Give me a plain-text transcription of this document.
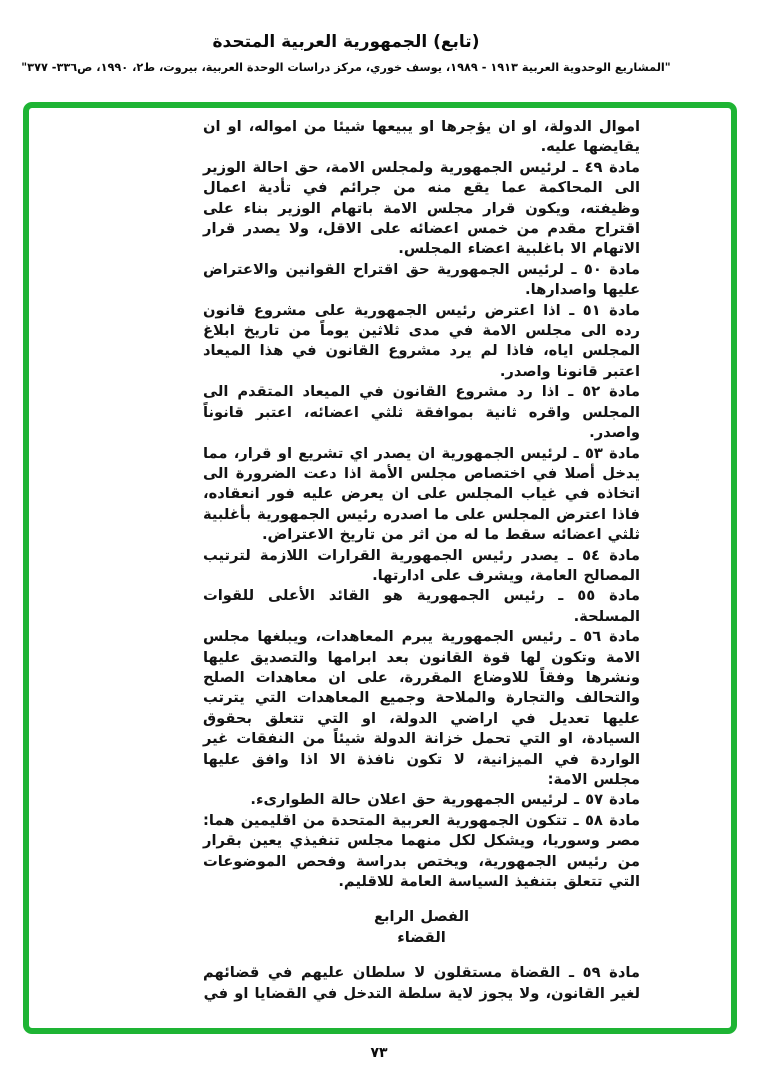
(تابع) الجمهورية العربية المتحدة
"المشاريع الوحدوية العربية ١٩١٣ - ١٩٨٩، يوسف خوري، مركز دراسات الوحدة العربية، بيروت، ط٢، ١٩٩٠، ص٣٣٦- ٣٧٧"

اموال الدولة، او ان يؤجرها او يبيعها شيئا من امواله، او ان يقايضها عليه.

مادة ٤٩ ـ لرئيس الجمهورية ولمجلس الامة، حق احالة الوزير الى المحاكمة عما يقع منه من جرائم في تأدية اعمال وظيفته، ويكون قرار مجلس الامة باتهام الوزير بناء على اقتراح مقدم من خمس اعضائه على الاقل، ولا يصدر قرار الاتهام الا باغلبية اعضاء المجلس.

مادة ٥٠ ـ لرئيس الجمهورية حق اقتراح القوانين والاعتراض عليها واصدارها.

مادة ٥١ ـ اذا اعترض رئيس الجمهورية على مشروع قانون رده الى مجلس الامة في مدى ثلاثين يوماً من تاريخ ابلاغ المجلس اياه، فاذا لم يرد مشروع القانون في هذا الميعاد اعتبر قانونا واصدر.

مادة ٥٢ ـ اذا رد مشروع القانون في الميعاد المتقدم الى المجلس واقره ثانية بموافقة ثلثي اعضائه، اعتبر قانوناً واصدر.

مادة ٥٣ ـ لرئيس الجمهورية ان يصدر اي تشريع او قرار، مما يدخل أصلا في اختصاص مجلس الأمة اذا دعت الضرورة الى اتخاذه في غياب المجلس على ان يعرض عليه فور انعقاده، فاذا اعترض المجلس على ما اصدره رئيس الجمهورية بأغلبية ثلثي اعضائه سقط ما له من اثر من تاريخ الاعتراض.

مادة ٥٤ ـ يصدر رئيس الجمهورية القرارات اللازمة لترتيب المصالح العامة، ويشرف على ادارتها.

مادة ٥٥ ـ رئيس الجمهورية هو القائد الأعلى للقوات المسلحة.

مادة ٥٦ ـ رئيس الجمهورية يبرم المعاهدات، ويبلغها مجلس الامة وتكون لها قوة القانون بعد ابرامها والتصديق عليها ونشرها وفقاً للاوضاع المقررة، على ان معاهدات الصلح والتحالف والتجارة والملاحة وجميع المعاهدات التي يترتب عليها تعديل في اراضي الدولة، او التي تتعلق بحقوق السيادة، او التي تحمل خزانة الدولة شيئاً من النفقات غير الواردة في الميزانية، لا تكون نافذة الا اذا وافق عليها مجلس الامة:

مادة ٥٧ ـ لرئيس الجمهورية حق اعلان حالة الطوارىء.

مادة ٥٨ ـ تتكون الجمهورية العربية المتحدة من اقليمين هما: مصر وسوريا، ويشكل لكل منهما مجلس تنفيذي يعين بقرار من رئيس الجمهورية، ويختص بدراسة وفحص الموضوعات التي تتعلق بتنفيذ السياسة العامة للاقليم.

الفصل الرابع

القضاء

مادة ٥٩ ـ القضاة مستقلون لا سلطان عليهم في قضائهم لغير القانون، ولا يجوز لاية سلطة التدخل في القضايا او في

٧٣
